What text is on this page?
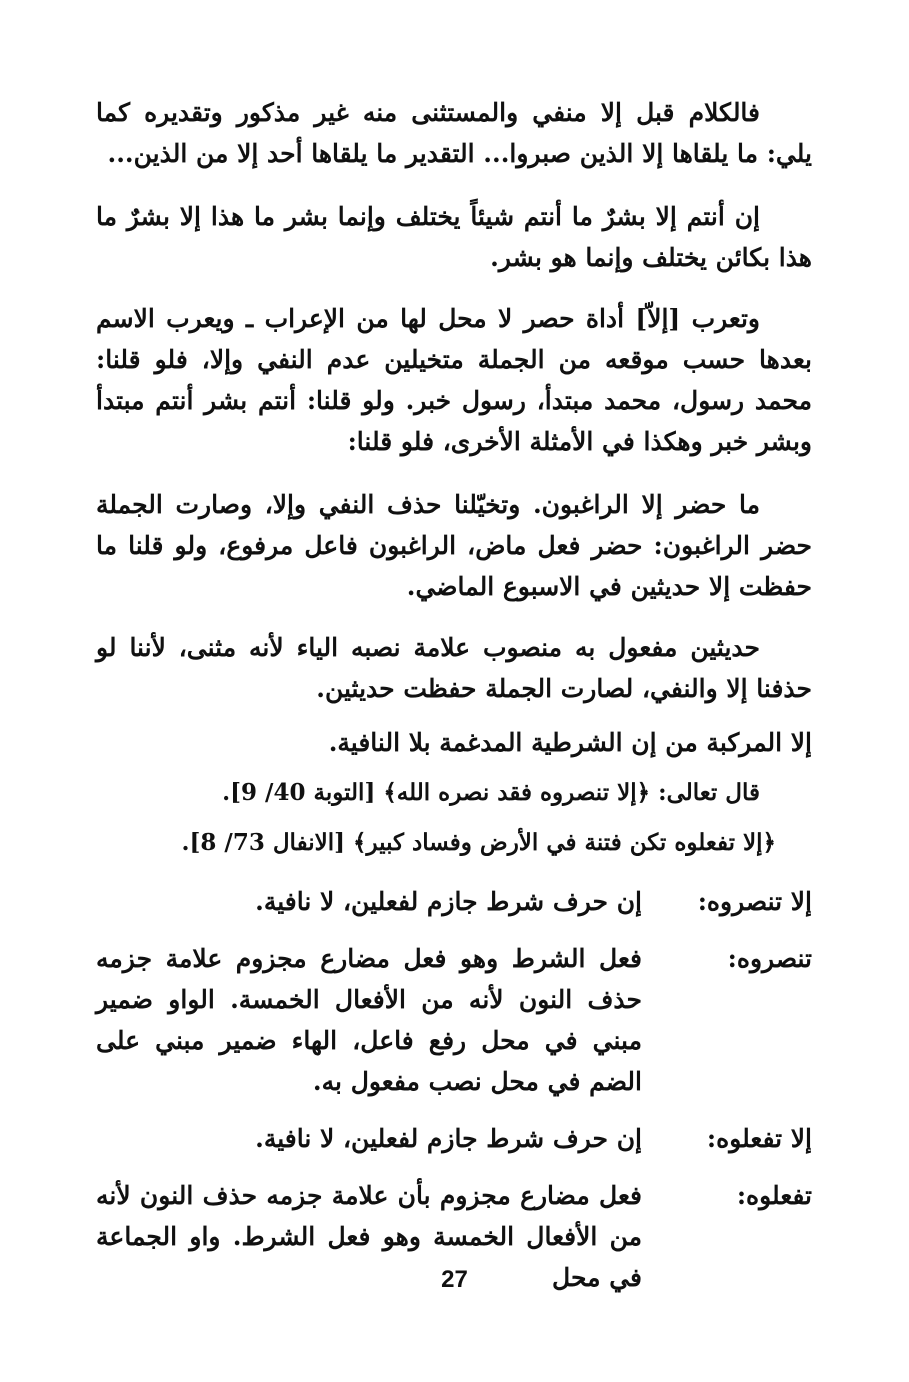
فالكلام قبل إلا منفي والمستثنى منه غير مذكور وتقديره كما يلي: ما يلقاها إلا الذين صبروا... التقدير ما يلقاها أحد إلا من الذين...

إن أنتم إلا بشرٌ ما أنتم شيئاً يختلف وإنما بشر ما هذا إلا بشرٌ ما هذا بكائن يختلف وإنما هو بشر.

وتعرب [إلاّ] أداة حصر لا محل لها من الإعراب ـ ويعرب الاسم بعدها حسب موقعه من الجملة متخيلين عدم النفي وإلا، فلو قلنا: محمد رسول، محمد مبتدأ، رسول خبر. ولو قلنا: أنتم بشر أنتم مبتدأ وبشر خبر وهكذا في الأمثلة الأخرى، فلو قلنا:

ما حضر إلا الراغبون. وتخيّلنا حذف النفي وإلا، وصارت الجملة حضر الراغبون: حضر فعل ماض، الراغبون فاعل مرفوع، ولو قلنا ما حفظت إلا حديثين في الاسبوع الماضي.

حديثين مفعول به منصوب علامة نصبه الياء لأنه مثنى، لأننا لو حذفنا إلا والنفي، لصارت الجملة حفظت حديثين.

إلا المركبة من إن الشرطية المدغمة بلا النافية.
قال تعالى: ﴿إلا تنصروه فقد نصره الله﴾ [التوبة 40/ 9].
﴿إلا تفعلوه تكن فتنة في الأرض وفساد كبير﴾ [الانفال 73/ 8].
إلا تنصروه:
إن حرف شرط جازم لفعلين، لا نافية.
تنصروه:
فعل الشرط وهو فعل مضارع مجزوم علامة جزمه حذف النون لأنه من الأفعال الخمسة. الواو ضمير مبني في محل رفع فاعل، الهاء ضمير مبني على الضم في محل نصب مفعول به.
إلا تفعلوه:
إن حرف شرط جازم لفعلين، لا نافية.
تفعلوه:
فعل مضارع مجزوم بأن علامة جزمه حذف النون لأنه من الأفعال الخمسة وهو فعل الشرط. واو الجماعة في محل
27
